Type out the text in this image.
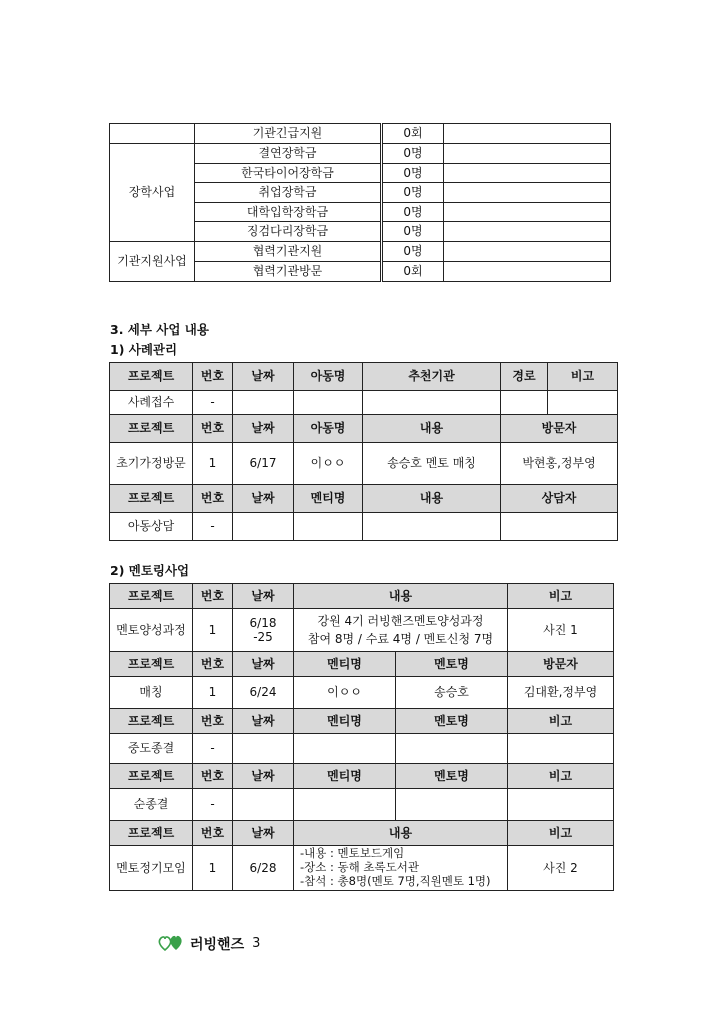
	기관긴급지원	0회	
장학사업	결연장학금	0명	
	한국타이어장학금	0명	
	취업장학금	0명	
	대학입학장학금	0명	
	징검다리장학금	0명	
기관지원사업	협력기관지원	0명	
	협력기관방문	0회	
3. 세부 사업 내용
1) 사례관리
프로젝트	번호	날짜	아동명	추천기관	경로	비고
사례접수	-					
프로젝트	번호	날짜	아동명	내용	방문자	
초기가정방문	1	6/17	이ㅇㅇ	송승호 멘토 매칭	박현홍,정부영	
프로젝트	번호	날짜	멘티명	내용	상담자	
아동상담	-					
2) 멘토링사업
프로젝트	번호	날짜	내용		비고
멘토양성과정	1	6/18-25	강원 4기 러빙핸즈멘토양성과정
참여 8명 / 수료 4명 / 멘토신청 7명		사진 1
프로젝트	번호	날짜	멘티명	멘토명	방문자
매칭	1	6/24	이ㅇㅇ	송승호	김대환,정부영
프로젝트	번호	날짜	멘티명	멘토명	비고
중도종결	-				
프로젝트	번호	날짜	멘티명	멘토명	비고
순종결	-				
프로젝트	번호	날짜	내용		비고
멘토정기모임	1	6/28	-내용 : 멘토보드게임
-장소 : 동해 초록도서관
-참석 : 총8명(멘토 7명,직원멘토 1명)		사진 2
러빙핸즈 3
